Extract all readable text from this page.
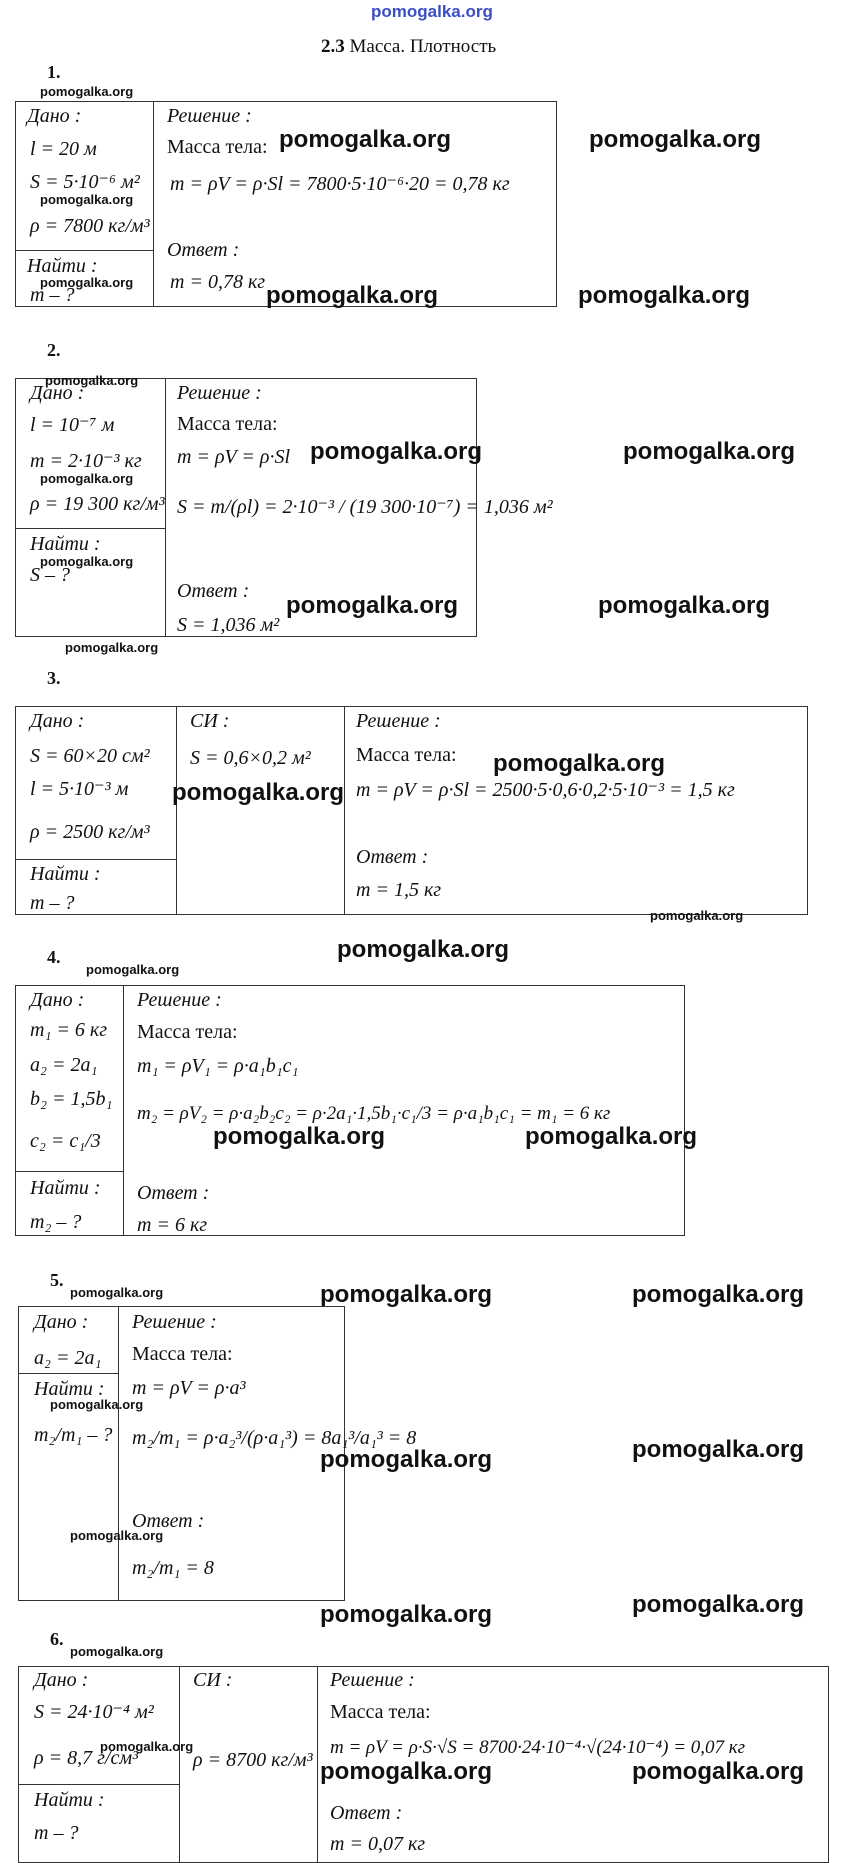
pomogalka.org
2.3 Масса. Плотность
1.
Дано :
l = 20 м
S = 5·10⁻⁶ м²
ρ = 7800 кг/м³
Найти :
m – ?
Решение :
Масса тела:
m = ρV = ρ·Sl = 7800·5·10⁻⁶·20 = 0,78 кг
Ответ :
m = 0,78 кг
pomogalka.org
pomogalka.org
pomogalka.org
pomogalka.org	pomogalka.org
pomogalka.org	pomogalka.org
2.
Дано :
l = 10⁻⁷ м
m = 2·10⁻³ кг
ρ = 19 300 кг/м³
Найти :
S – ?
Решение :
Масса тела:
m = ρV = ρ·Sl
S = m/(ρl) = 2·10⁻³ / (19 300·10⁻⁷) = 1,036 м²
Ответ :
S = 1,036 м²
pomogalka.org
pomogalka.org
pomogalka.org
pomogalka.org
pomogalka.org	pomogalka.org
pomogalka.org	pomogalka.org
3.
Дано :
S = 60×20 см²
l = 5·10⁻³ м
ρ = 2500 кг/м³
Найти :
m – ?
СИ :
S = 0,6×0,2 м²
Решение :
Масса тела:
m = ρV = ρ·Sl = 2500·5·0,6·0,2·5·10⁻³ = 1,5 кг
Ответ :
m = 1,5 кг
pomogalka.org
pomogalka.org
pomogalka.org
pomogalka.org
4.
pomogalka.org
Дано :
m₁ = 6 кг
a₂ = 2a₁
b₂ = 1,5b₁
c₂ = c₁/3
Найти :
m₂ – ?
Решение :
Масса тела:
m₁ = ρV₁ = ρ·a₁b₁c₁
m₂ = ρV₂ = ρ·a₂b₂c₂ = ρ·2a₁·1,5b₁·c₁/3 = ρ·a₁b₁c₁ = m₁ = 6 кг
Ответ :
m = 6 кг
pomogalka.org	pomogalka.org
5.
pomogalka.org	pomogalka.org	pomogalka.org
Дано :
a₂ = 2a₁
Найти :
m₂/m₁ – ?
Решение :
Масса тела:
m = ρV = ρ·a³
m₂/m₁ = ρ·a₂³/(ρ·a₁³) = 8a₁³/a₁³ = 8
Ответ :
m₂/m₁ = 8
pomogalka.org
pomogalka.org	pomogalka.org
pomogalka.org
pomogalka.org	pomogalka.org
6.
pomogalka.org
Дано :
S = 24·10⁻⁴ м²
ρ = 8,7 г/см³
Найти :
m – ?
СИ :
ρ = 8700 кг/м³
Решение :
Масса тела:
m = ρV = ρ·S·√S = 8700·24·10⁻⁴·√(24·10⁻⁴) = 0,07 кг
Ответ :
m = 0,07 кг
pomogalka.org
pomogalka.org	pomogalka.org
